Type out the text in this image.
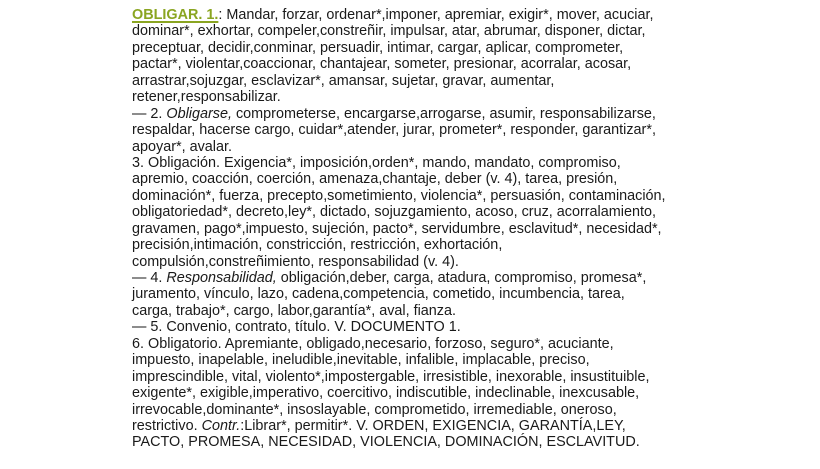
OBLIGAR. 1.: Mandar, forzar, ordenar*,imponer, apremiar, exigir*, mover, acuciar,
dominar*, exhortar, compeler,constreñir, impulsar, atar, abrumar, disponer, dictar,
preceptuar, decidir,conminar, persuadir, intimar, cargar, aplicar, comprometer,
pactar*, violentar,coaccionar, chantajear, someter, presionar, acorralar, acosar,
arrastrar,sojuzgar, esclavizar*, amansar, sujetar, gravar, aumentar,
retener,responsabilizar.
— 2. Obligarse, comprometerse, encargarse,arrogarse, asumir, responsabilizarse,
respaldar, hacerse cargo, cuidar*,atender, jurar, prometer*, responder, garantizar*,
apoyar*, avalar.
3. Obligación. Exigencia*, imposición,orden*, mando, mandato, compromiso,
apremio, coacción, coerción, amenaza,chantaje, deber (v. 4), tarea, presión,
dominación*, fuerza, precepto,sometimiento, violencia*, persuasión, contaminación,
obligatoriedad*, decreto,ley*, dictado, sojuzgamiento, acoso, cruz, acorralamiento,
gravamen, pago*,impuesto, sujeción, pacto*, servidumbre, esclavitud*, necesidad*,
precisión,intimación, constricción, restricción, exhortación,
compulsión,constreñimiento, responsabilidad (v. 4).
— 4. Responsabilidad, obligación,deber, carga, atadura, compromiso, promesa*,
juramento, vínculo, lazo, cadena,competencia, cometido, incumbencia, tarea,
carga, trabajo*, cargo, labor,garantía*, aval, fianza.
— 5. Convenio, contrato, título. V. DOCUMENTO 1.
6. Obligatorio. Apremiante, obligado,necesario, forzoso, seguro*, acuciante,
impuesto, inapelable, ineludible,inevitable, infalible, implacable, preciso,
imprescindible, vital, violento*,impostergable, irresistible, inexorable, insustituible,
exigente*, exigible,imperativo, coercitivo, indiscutible, indeclinable, inexcusable,
irrevocable,dominante*, insoslayable, comprometido, irremediable, oneroso,
restrictivo. Contr.:Librar*, permitir*. V. ORDEN, EXIGENCIA, GARANTÍA,LEY,
PACTO, PROMESA, NECESIDAD, VIOLENCIA, DOMINACIÓN, ESCLAVITUD.
